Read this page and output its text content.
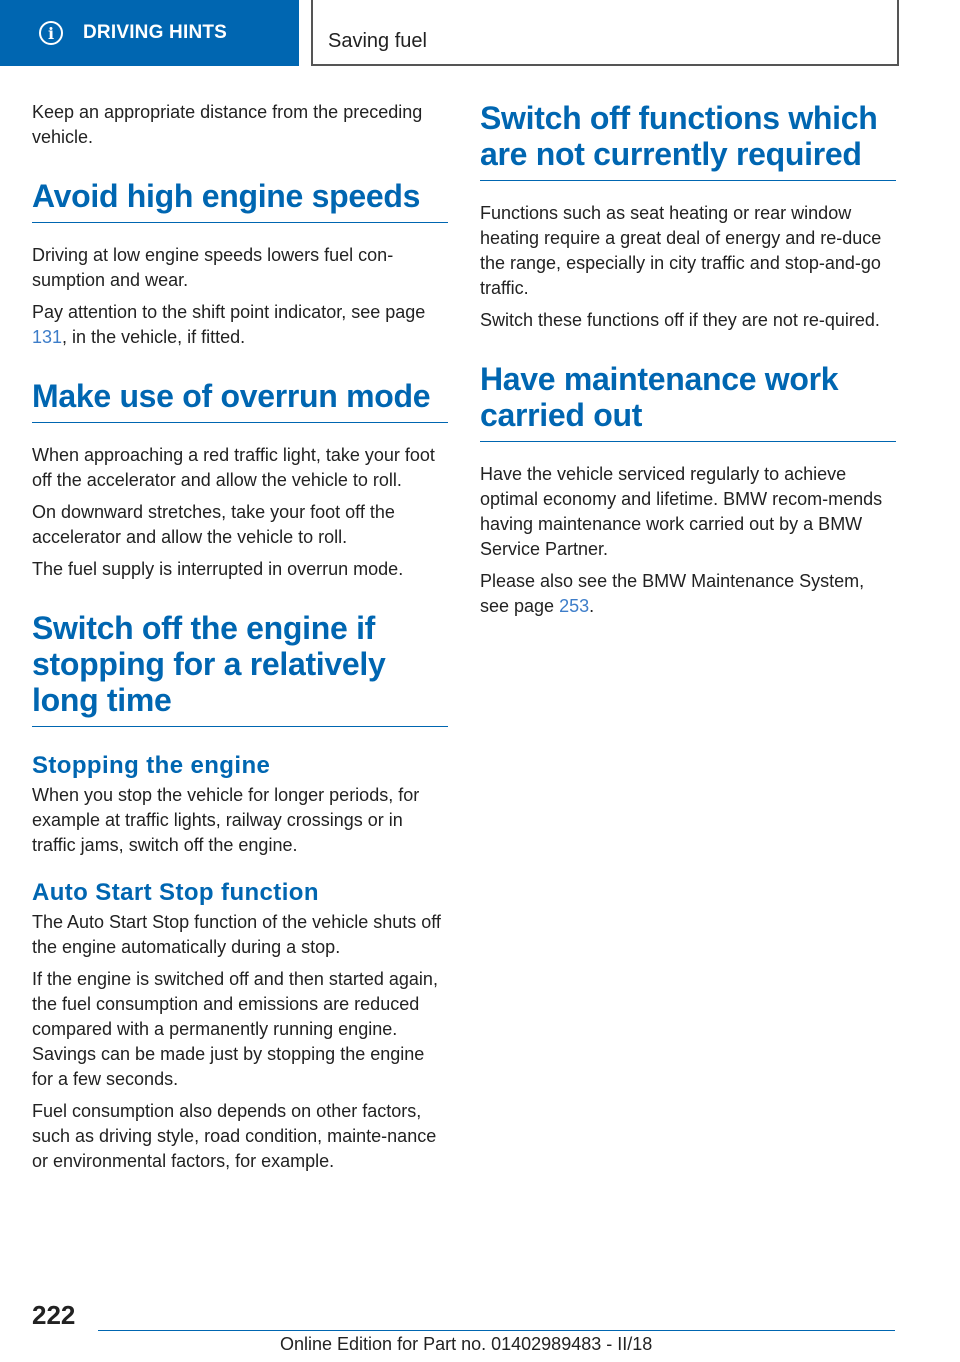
i	DRIVING HINTS	Saving fuel

Keep an appropriate distance from the preceding vehicle.

Avoid high engine speeds

Driving at low engine speeds lowers fuel con-sumption and wear.

Pay attention to the shift point indicator, see page 131, in the vehicle, if fitted.

Make use of overrun mode

When approaching a red traffic light, take your foot off the accelerator and allow the vehicle to roll.

On downward stretches, take your foot off the accelerator and allow the vehicle to roll.

The fuel supply is interrupted in overrun mode.

Switch off the engine if stopping for a relatively long time
Stopping the engine

When you stop the vehicle for longer periods, for example at traffic lights, railway crossings or in traffic jams, switch off the engine.

Auto Start Stop function

The Auto Start Stop function of the vehicle shuts off the engine automatically during a stop.

If the engine is switched off and then started again, the fuel consumption and emissions are reduced compared with a permanently running engine. Savings can be made just by stopping the engine for a few seconds.

Fuel consumption also depends on other factors, such as driving style, road condition, mainte-nance or environmental factors, for example.

Switch off functions which are not currently required

Functions such as seat heating or rear window heating require a great deal of energy and re-duce the range, especially in city traffic and stop-and-go traffic.

Switch these functions off if they are not re-quired.

Have maintenance work carried out

Have the vehicle serviced regularly to achieve optimal economy and lifetime. BMW recom-mends having maintenance work carried out by a BMW Service Partner.

Please also see the BMW Maintenance System, see page 253.

222
Online Edition for Part no. 01402989483 - II/18
